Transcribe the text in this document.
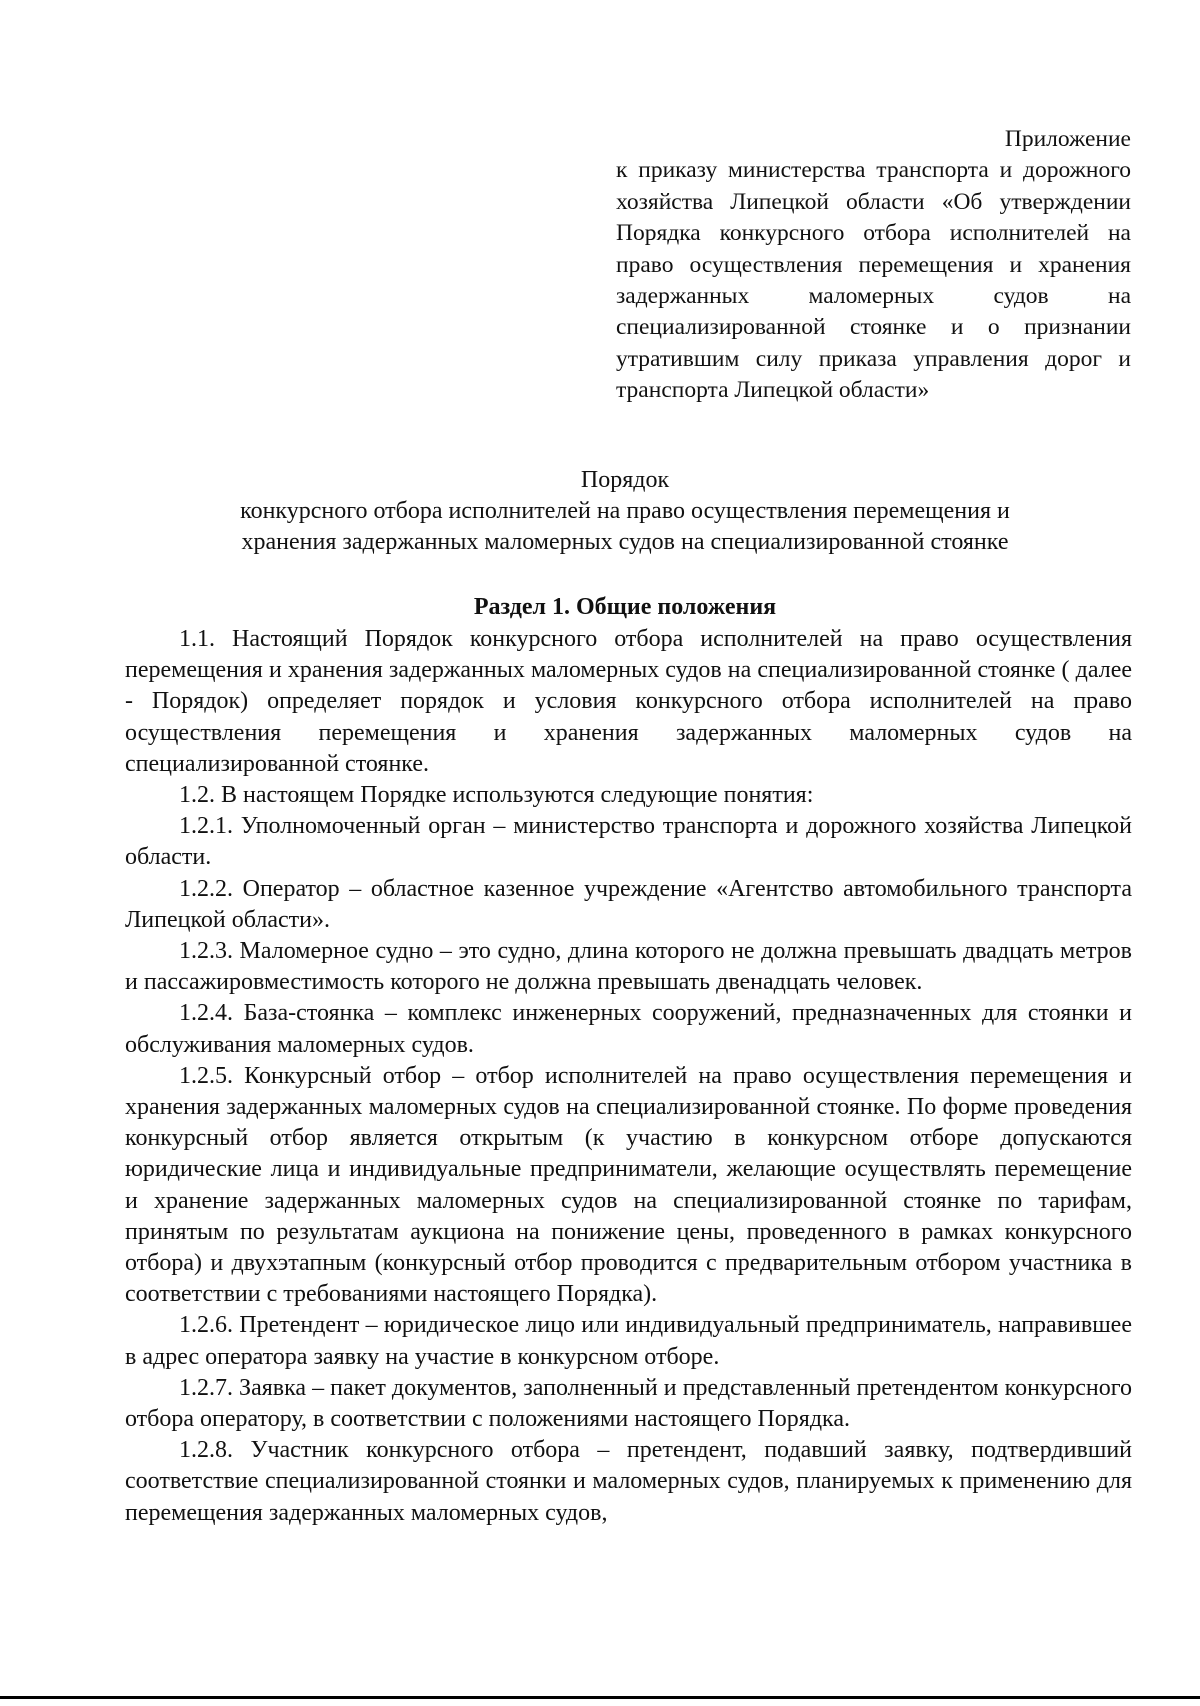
Приложение
к приказу министерства транспорта и дорожного хозяйства Липецкой области «Об утверждении Порядка конкурсного отбора исполнителей на право осуществления перемещения и хранения задержанных маломерных судов на специализированной стоянке и о признании утратившим силу приказа управления дорог и транспорта Липецкой области»
Порядок
конкурсного отбора исполнителей на право осуществления перемещения и
хранения задержанных маломерных судов на специализированной стоянке
Раздел 1. Общие положения

1.1. Настоящий Порядок конкурсного отбора исполнителей на право осуществления перемещения и хранения задержанных маломерных судов на специализированной стоянке ( далее - Порядок) определяет порядок и условия конкурсного отбора исполнителей на право осуществления перемещения и хранения задержанных маломерных судов на специализированной стоянке.

1.2. В настоящем Порядке используются следующие понятия:

1.2.1. Уполномоченный орган – министерство транспорта и дорожного хозяйства Липецкой области.

1.2.2. Оператор – областное казенное учреждение «Агентство автомобильного транспорта Липецкой области».

1.2.3. Маломерное судно – это судно, длина которого не должна превышать двадцать метров и пассажировместимость которого не должна превышать двенадцать человек.

1.2.4. База-стоянка – комплекс инженерных сооружений, предназначенных для стоянки и обслуживания маломерных судов.

1.2.5. Конкурсный отбор – отбор исполнителей на право осуществления перемещения и хранения задержанных маломерных судов на специализированной стоянке. По форме проведения конкурсный отбор является открытым (к участию в конкурсном отборе допускаются юридические лица и индивидуальные предприниматели, желающие осуществлять перемещение и хранение задержанных маломерных судов на специализированной стоянке по тарифам, принятым по результатам аукциона на понижение цены, проведенного в рамках конкурсного отбора) и двухэтапным (конкурсный отбор проводится с предварительным отбором участника в соответствии с требованиями настоящего Порядка).

1.2.6. Претендент – юридическое лицо или индивидуальный предприниматель, направившее в адрес оператора заявку на участие в конкурсном отборе.

1.2.7. Заявка – пакет документов, заполненный и представленный претендентом конкурсного отбора оператору, в соответствии с положениями настоящего Порядка.

1.2.8. Участник конкурсного отбора – претендент, подавший заявку, подтвердивший соответствие специализированной стоянки и маломерных судов, планируемых к применению для перемещения задержанных маломерных судов,
